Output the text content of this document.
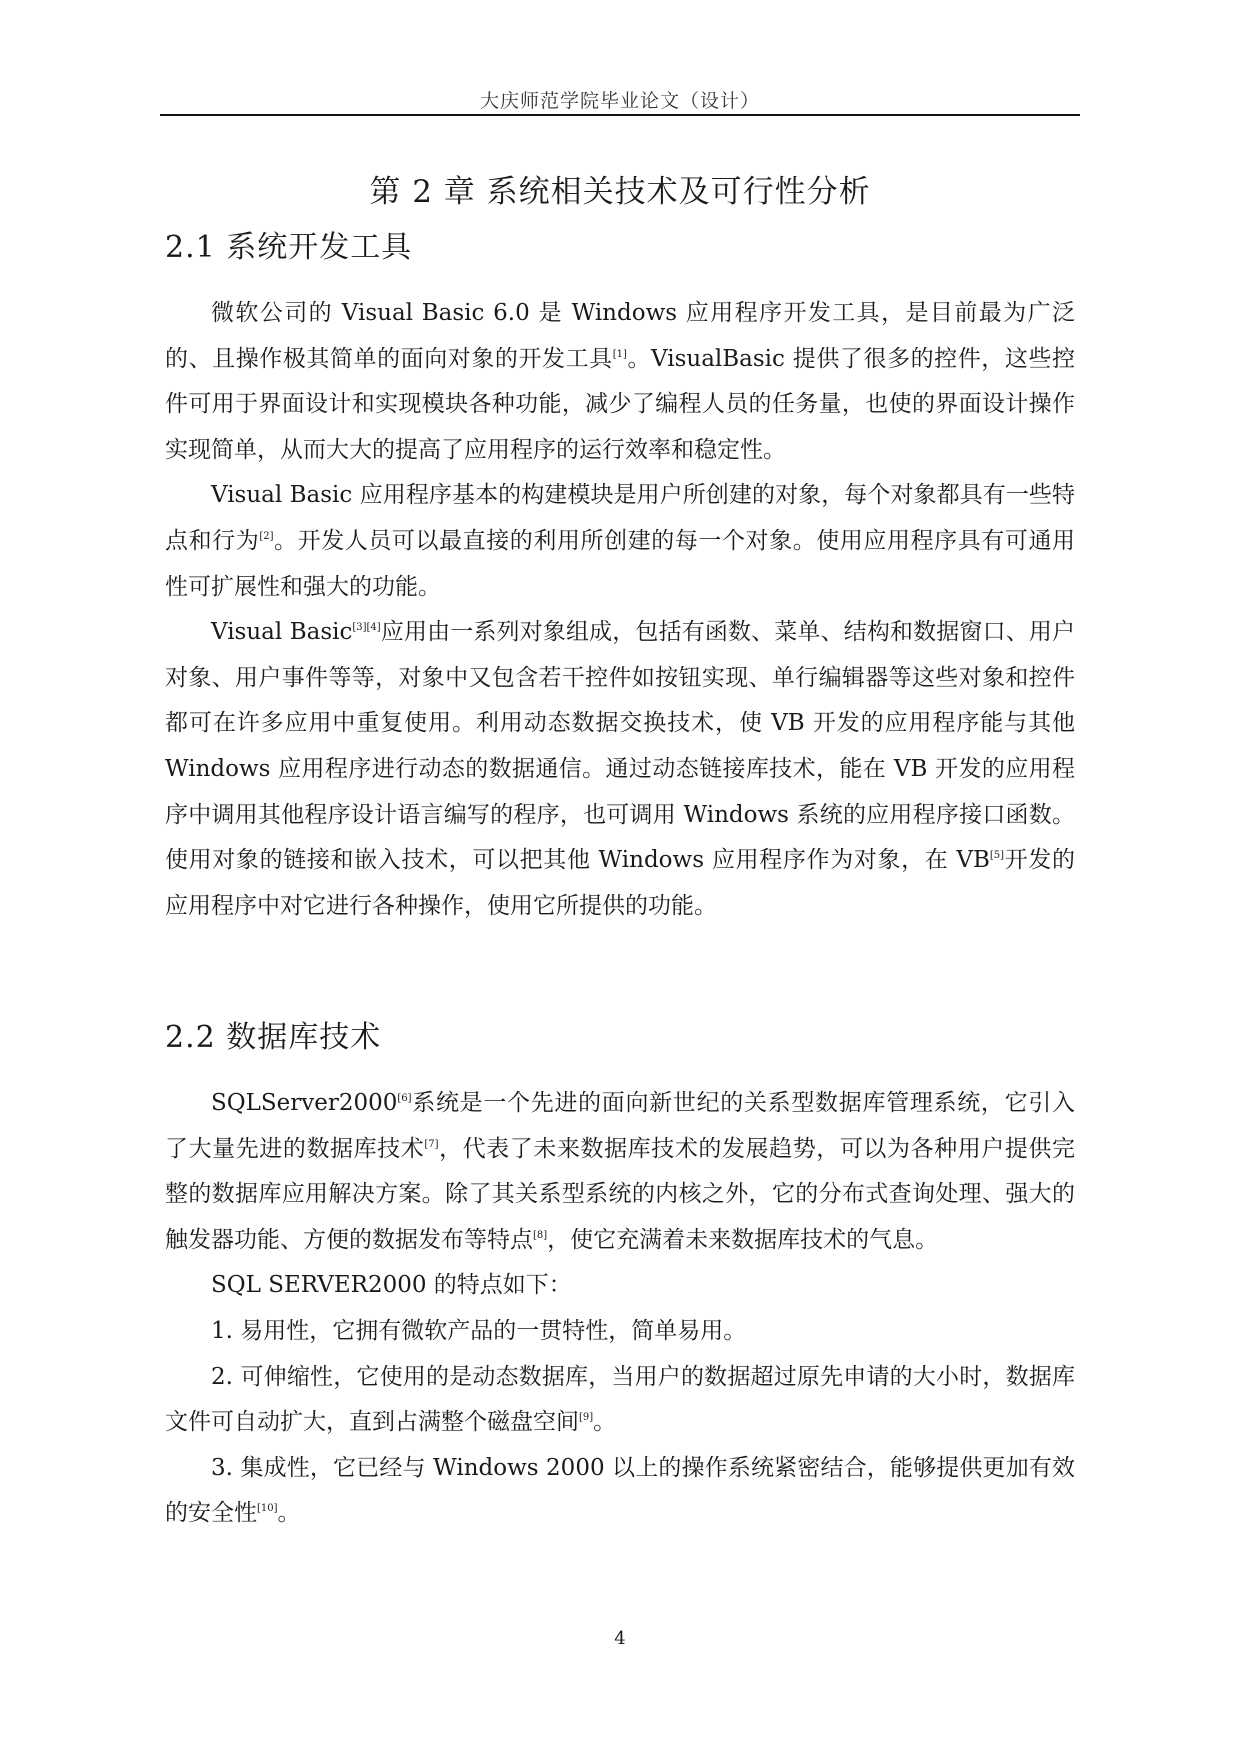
大庆师范学院毕业论文（设计）
第 2 章 系统相关技术及可行性分析
2.1 系统开发工具

微软公司的 Visual Basic 6.0 是 Windows 应用程序开发工具，是目前最为广泛的、且操作极其简单的面向对象的开发工具[1]。VisualBasic 提供了很多的控件，这些控件可用于界面设计和实现模块各种功能，减少了编程人员的任务量，也使的界面设计操作实现简单，从而大大的提高了应用程序的运行效率和稳定性。

Visual Basic 应用程序基本的构建模块是用户所创建的对象，每个对象都具有一些特点和行为[2]。开发人员可以最直接的利用所创建的每一个对象。使用应用程序具有可通用性可扩展性和强大的功能。

Visual Basic[3][4]应用由一系列对象组成，包括有函数、菜单、结构和数据窗口、用户对象、用户事件等等，对象中又包含若干控件如按钮实现、单行编辑器等这些对象和控件都可在许多应用中重复使用。利用动态数据交换技术，使 VB 开发的应用程序能与其他 Windows 应用程序进行动态的数据通信。通过动态链接库技术，能在 VB 开发的应用程序中调用其他程序设计语言编写的程序，也可调用 Windows 系统的应用程序接口函数。使用对象的链接和嵌入技术，可以把其他 Windows 应用程序作为对象，在 VB[5]开发的应用程序中对它进行各种操作，使用它所提供的功能。

2.2 数据库技术

SQLServer2000[6]系统是一个先进的面向新世纪的关系型数据库管理系统，它引入了大量先进的数据库技术[7]，代表了未来数据库技术的发展趋势，可以为各种用户提供完整的数据库应用解决方案。除了其关系型系统的内核之外，它的分布式查询处理、强大的触发器功能、方便的数据发布等特点[8]，使它充满着未来数据库技术的气息。

SQL SERVER2000 的特点如下：

1. 易用性，它拥有微软产品的一贯特性，简单易用。

2. 可伸缩性，它使用的是动态数据库，当用户的数据超过原先申请的大小时，数据库文件可自动扩大，直到占满整个磁盘空间[9]。

3. 集成性，它已经与 Windows 2000 以上的操作系统紧密结合，能够提供更加有效的安全性[10]。

4
